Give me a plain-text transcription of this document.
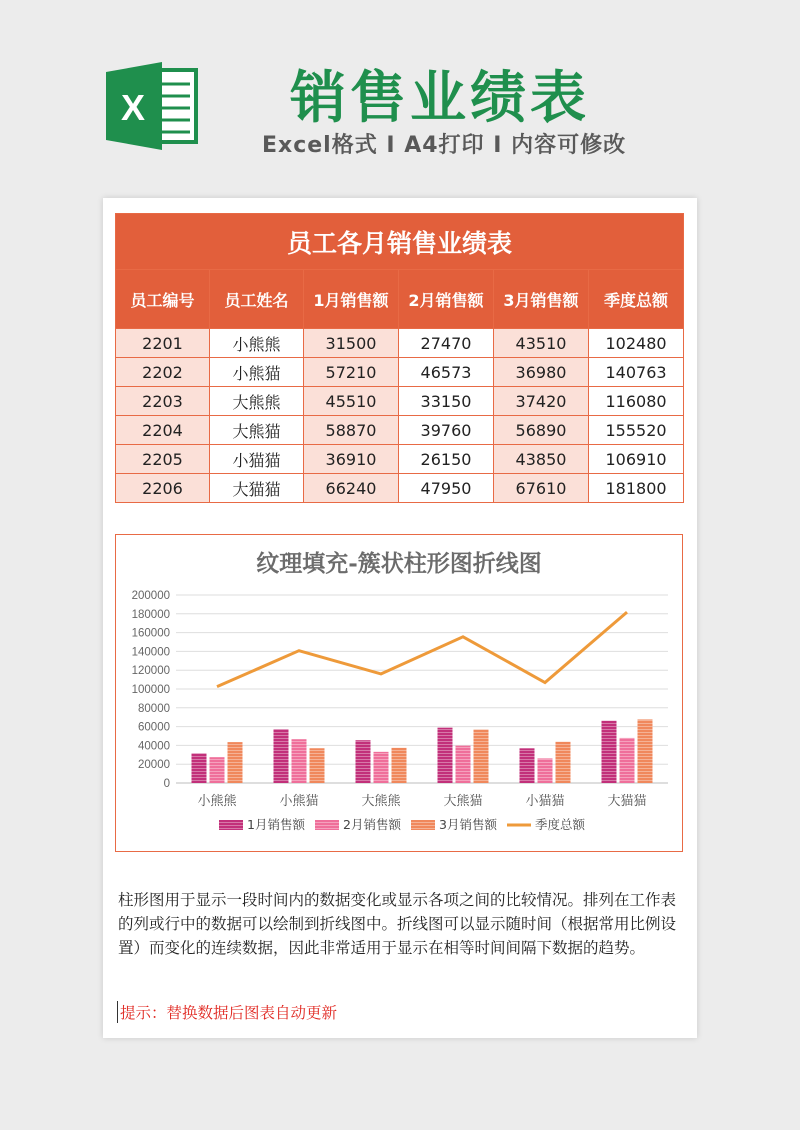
X	销售业绩表
Excel格式 I A4打印 I 内容可修改
员工各月销售业绩表					
员工编号	员工姓名	1月销售额	2月销售额	3月销售额	季度总额
2201	小熊熊	31500	27470	43510	102480
2202	小熊猫	57210	46573	36980	140763
2203	大熊熊	45510	33150	37420	116080
2204	大熊猫	58870	39760	56890	155520
2205	小猫猫	36910	26150	43850	106910
2206	大猫猫	66240	47950	67610	181800
纹理填充-簇状柱形图折线图
0
20000
40000
60000
80000
100000
120000
140000
160000
180000
200000
小熊熊	小熊猫	大熊熊	大熊猫	小猫猫	大猫猫
1月销售额	2月销售额	3月销售额	季度总额
柱形图用于显示一段时间内的数据变化或显示各项之间的比较情况。排列在工作表的列或行中的数据可以绘制到折线图中。折线图可以显示随时间（根据常用比例设置）而变化的连续数据，因此非常适用于显示在相等时间间隔下数据的趋势。
提示：替换数据后图表自动更新
